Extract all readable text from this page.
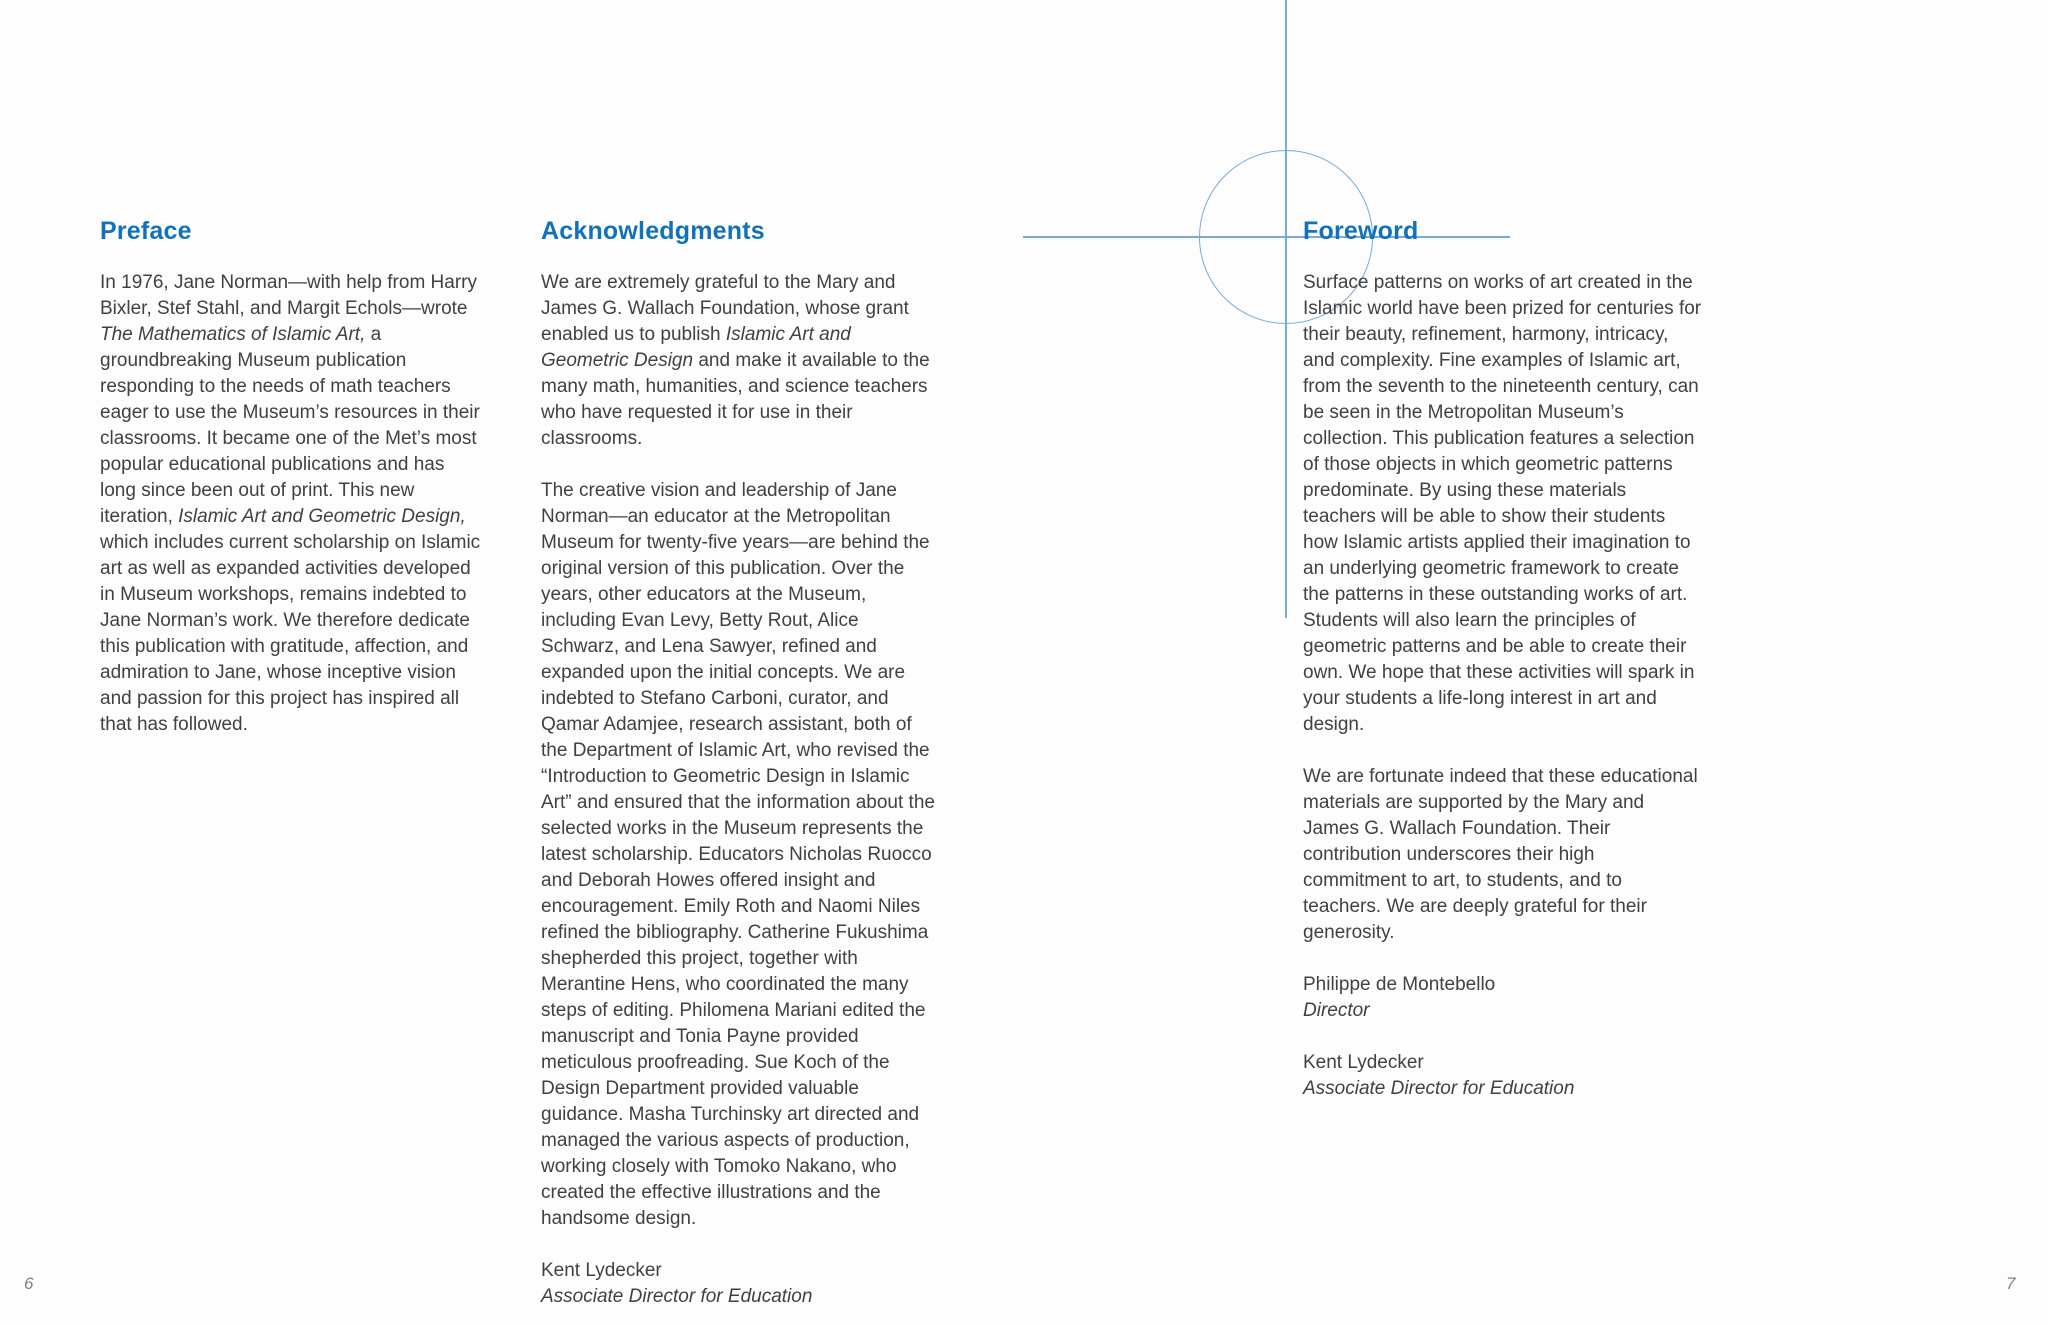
Preface

In 1976, Jane Norman—with help from Harry Bixler, Stef Stahl, and Margit Echols—wrote The Mathematics of Islamic Art, a groundbreaking Museum publication responding to the needs of math teachers eager to use the Museum’s resources in their classrooms. It became one of the Met’s most popular educational publications and has long since been out of print. This new iteration, Islamic Art and Geometric Design, which includes current scholarship on Islamic art as well as expanded activities developed in Museum workshops, remains indebted to Jane Norman’s work. We therefore dedicate this publication with gratitude, affection, and admiration to Jane, whose inceptive vision and passion for this project has inspired all that has followed.

Acknowledgments

We are extremely grateful to the Mary and James G. Wallach Foundation, whose grant enabled us to publish Islamic Art and Geometric Design and make it available to the many math, humanities, and science teachers who have requested it for use in their classrooms.

The creative vision and leadership of Jane Norman—an educator at the Metropolitan Museum for twenty-five years—are behind the original version of this publication. Over the years, other educators at the Museum, including Evan Levy, Betty Rout, Alice Schwarz, and Lena Sawyer, refined and expanded upon the initial concepts. We are indebted to Stefano Carboni, curator, and Qamar Adamjee, research assistant, both of the Department of Islamic Art, who revised the “Introduction to Geometric Design in Islamic Art” and ensured that the information about the selected works in the Museum represents the latest scholarship. Educators Nicholas Ruocco and Deborah Howes offered insight and encouragement. Emily Roth and Naomi Niles refined the bibliography. Catherine Fukushima shepherded this project, together with Merantine Hens, who coordinated the many steps of editing. Philomena Mariani edited the manuscript and Tonia Payne provided meticulous proofreading. Sue Koch of the Design Department provided valuable guidance. Masha Turchinsky art directed and managed the various aspects of production, working closely with Tomoko Nakano, who created the effective illustrations and the handsome design.

Kent Lydecker
Associate Director for Education
Foreword

Surface patterns on works of art created in the Islamic world have been prized for centuries for their beauty, refinement, harmony, intricacy, and complexity. Fine examples of Islamic art, from the seventh to the nineteenth century, can be seen in the Metropolitan Museum’s collection. This publication features a selection of those objects in which geometric patterns predominate. By using these materials teachers will be able to show their students how Islamic artists applied their imagination to an underlying geometric framework to create the patterns in these outstanding works of art. Students will also learn the principles of geometric patterns and be able to create their own. We hope that these activities will spark in your students a life-long interest in art and design.

We are fortunate indeed that these educational materials are supported by the Mary and James G. Wallach Foundation. Their contribution underscores their high commitment to art, to students, and to teachers. We are deeply grateful for their generosity.

Philippe de Montebello
Director
Kent Lydecker
Associate Director for Education
6	7
